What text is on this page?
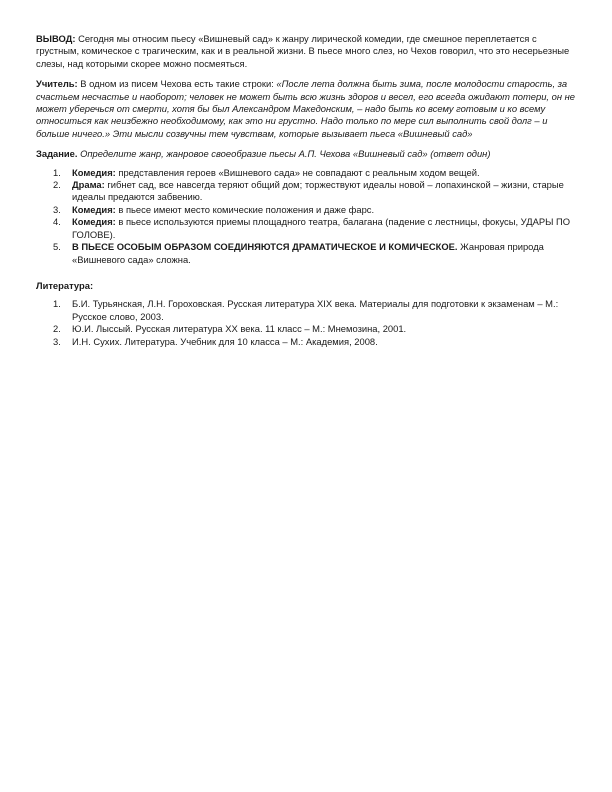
ВЫВОД: Сегодня мы относим пьесу «Вишневый сад» к жанру лирической комедии, где смешное переплетается с грустным, комическое с трагическим, как и в реальной жизни. В пьесе много слез, но Чехов говорил, что это несерьезные слезы, над которыми скорее можно посмеяться.

Учитель: В одном из писем Чехова есть такие строки: «После лета должна быть зима, после молодости старость, за счастьем несчастье и наоборот; человек не может быть всю жизнь здоров и весел, его всегда ожидают потери, он не может уберечься от смерти, хотя бы был Александром Македонским, – надо быть ко всему готовым и ко всему относиться как неизбежно необходимому, как это ни грустно. Надо только по мере сил выполнить свой долг – и больше ничего.» Эти мысли созвучны тем чувствам, которые вызывает пьеса «Вишневый сад»

Задание. Определите жанр, жанровое своеобразие пьесы А.П. Чехова «Вишневый сад» (ответ один)

1. Комедия: представления героев «Вишневого сада» не совпадают с реальным ходом вещей.
2. Драма: гибнет сад, все навсегда теряют общий дом; торжествуют идеалы новой – лопахинской – жизни, старые идеалы предаются забвению.
3. Комедия: в пьесе имеют место комические положения и даже фарс.
4. Комедия: в пьесе используются приемы площадного театра, балагана (падение с лестницы, фокусы, УДАРЫ ПО ГОЛОВЕ).
5. В ПЬЕСЕ ОСОБЫМ ОБРАЗОМ СОЕДИНЯЮТСЯ ДРАМАТИЧЕСКОЕ И КОМИЧЕСКОЕ. Жанровая природа «Вишневого сада» сложна.

Литература:

1. Б.И. Турьянская, Л.Н. Гороховская. Русская литература XIX века. Материалы для подготовки к экзаменам – М.: Русское слово, 2003.
2. Ю.И. Лыссый. Русская литература XX века. 11 класс – М.: Мнемозина, 2001.
3. И.Н. Сухих. Литература. Учебник для 10 класса – М.: Академия, 2008.
